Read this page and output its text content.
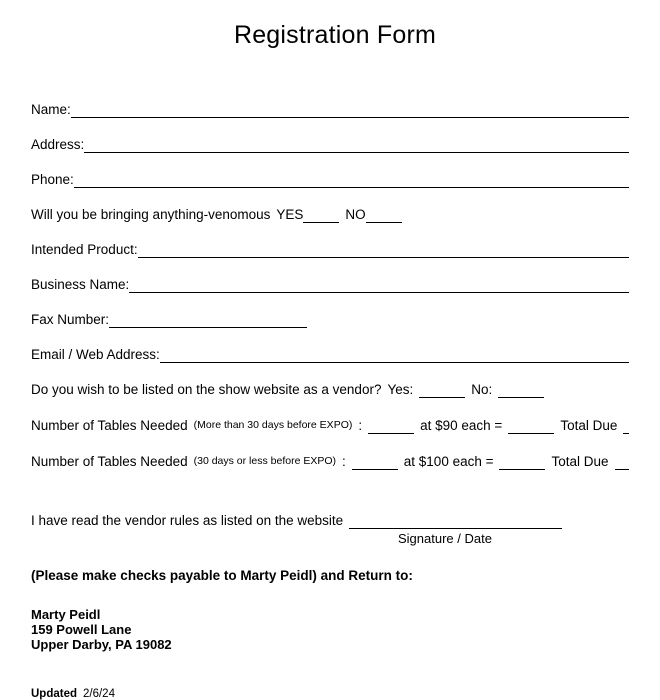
Registration Form
Name:
Address:
Phone:
Will you be bringing anything-venomous YES	NO
Intended Product:
Business Name:
Fax Number:
Email / Web Address:
Do you wish to be listed on the show website as a vendor? Yes:	No:
Number of Tables Needed (More than 30 days before EXPO) :	at $90 each =	Total Due
Number of Tables Needed (30 days or less before EXPO) :	at $100 each =	Total Due
I have read the vendor rules as listed on the website
Signature / Date
(Please make checks payable to Marty Peidl) and Return to:
Marty Peidl
159 Powell Lane
Upper Darby, PA 19082
Updated 2/6/24
